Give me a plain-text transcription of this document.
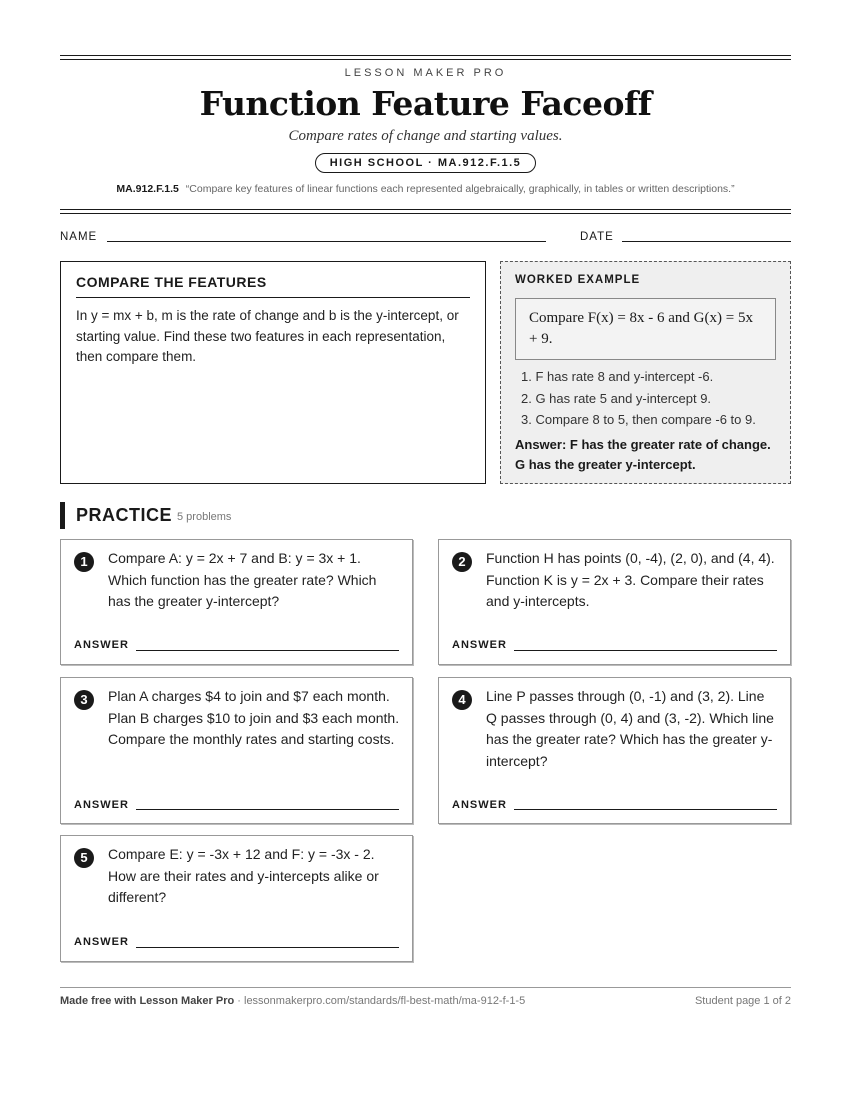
LESSON MAKER PRO
Function Feature Faceoff
Compare rates of change and starting values.
HIGH SCHOOL · MA.912.F.1.5
MA.912.F.1.5 “Compare key features of linear functions each represented algebraically, graphically, in tables or written descriptions.”
NAME	DATE
COMPARE THE FEATURES

In y = mx + b, m is the rate of change and b is the y-intercept, or starting value. Find these two features in each representation, then compare them.

WORKED EXAMPLE
Compare F(x) = 8x - 6 and G(x) = 5x + 9.
1. F has rate 8 and y-intercept -6.
2. G has rate 5 and y-intercept 9.
3. Compare 8 to 5, then compare -6 to 9.
Answer: F has the greater rate of change. G has the greater y-intercept.
PRACTICE 5 problems
1	Compare A: y = 2x + 7 and B: y = 3x + 1. Which function has the greater rate? Which has the greater y-intercept?
ANSWER
2	Function H has points (0, -4), (2, 0), and (4, 4). Function K is y = 2x + 3. Compare their rates and y-intercepts.
ANSWER
3	Plan A charges $4 to join and $7 each month. Plan B charges $10 to join and $3 each month. Compare the monthly rates and starting costs.
ANSWER
4	Line P passes through (0, -1) and (3, 2). Line Q passes through (0, 4) and (3, -2). Which line has the greater rate? Which has the greater y-intercept?
ANSWER
5	Compare E: y = -3x + 12 and F: y = -3x - 2. How are their rates and y-intercepts alike or different?
ANSWER
Made free with Lesson Maker Pro · lessonmakerpro.com/standards/fl-best-math/ma-912-f-1-5	Student page 1 of 2
